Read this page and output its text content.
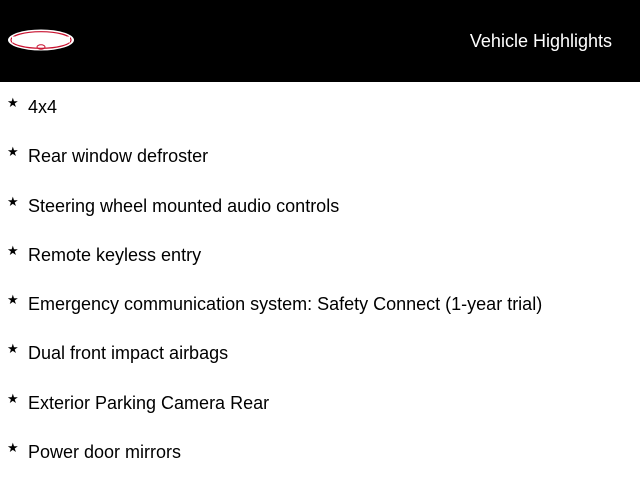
Vehicle Highlights
★ 4x4
★ Rear window defroster
★ Steering wheel mounted audio controls
★ Remote keyless entry
★ Emergency communication system: Safety Connect (1-year trial)
★ Dual front impact airbags
★ Exterior Parking Camera Rear
★ Power door mirrors
